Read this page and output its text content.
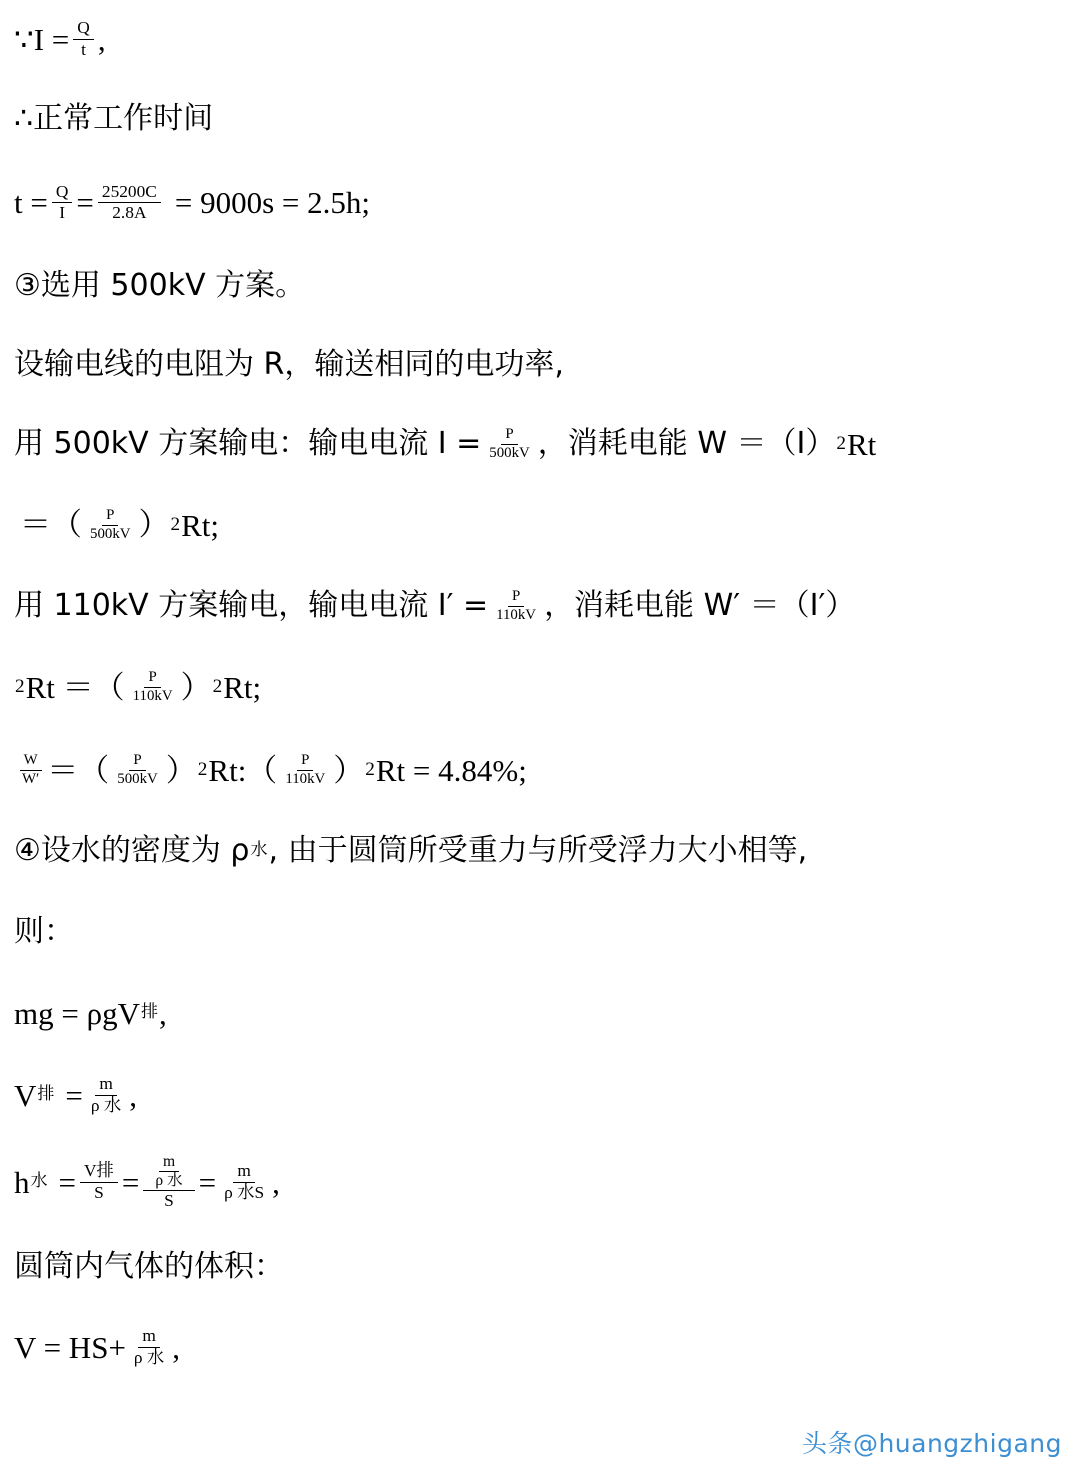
∵I = $\frac{Q}{t}$ ,
∴正常工作时间
$t = \frac{Q}{I} = \frac{25200C}{2.8A} = 9000s = 2.5h$;
③选用 500kV 方案。
设输电线的电阻为 R，输送相同的电功率,
用 500kV 方案输电：输电电流 $I = \frac{P}{500kV}$ ，消耗电能 W ＝（I） 2 Rt
＝（ $\frac{P}{500kV}$ ） 2 Rt;
用 110kV 方案输电，输电电流 $I' = \frac{P}{110kV}$ ，消耗电能 W′ ＝（I′）
2 Rt ＝（ $\frac{P}{110kV}$ ） 2 Rt;
$\frac{W}{W'}$ ＝（ $\frac{P}{500kV}$ ） 2 Rt:（ $\frac{P}{110kV}$ ） 2 Rt = 4.84%;
④设水的密度为 ρ 水 , 由于圆筒所受重力与所受浮力大小相等,
则：
mg = ρgV 排 ,
V 排 = $\frac{m}{\text{ρ 水}}$ ,
h 水 = $\frac{\text{V排}}{S} = \frac{\frac{m}{\text{ρ 水}}}{S} = \frac{m}{\text{ρ 水S}}$ ,
圆筒内气体的体积：
$V = HS+ \frac{m}{\text{ρ 水}}$ ,
头条@huangzhigang
